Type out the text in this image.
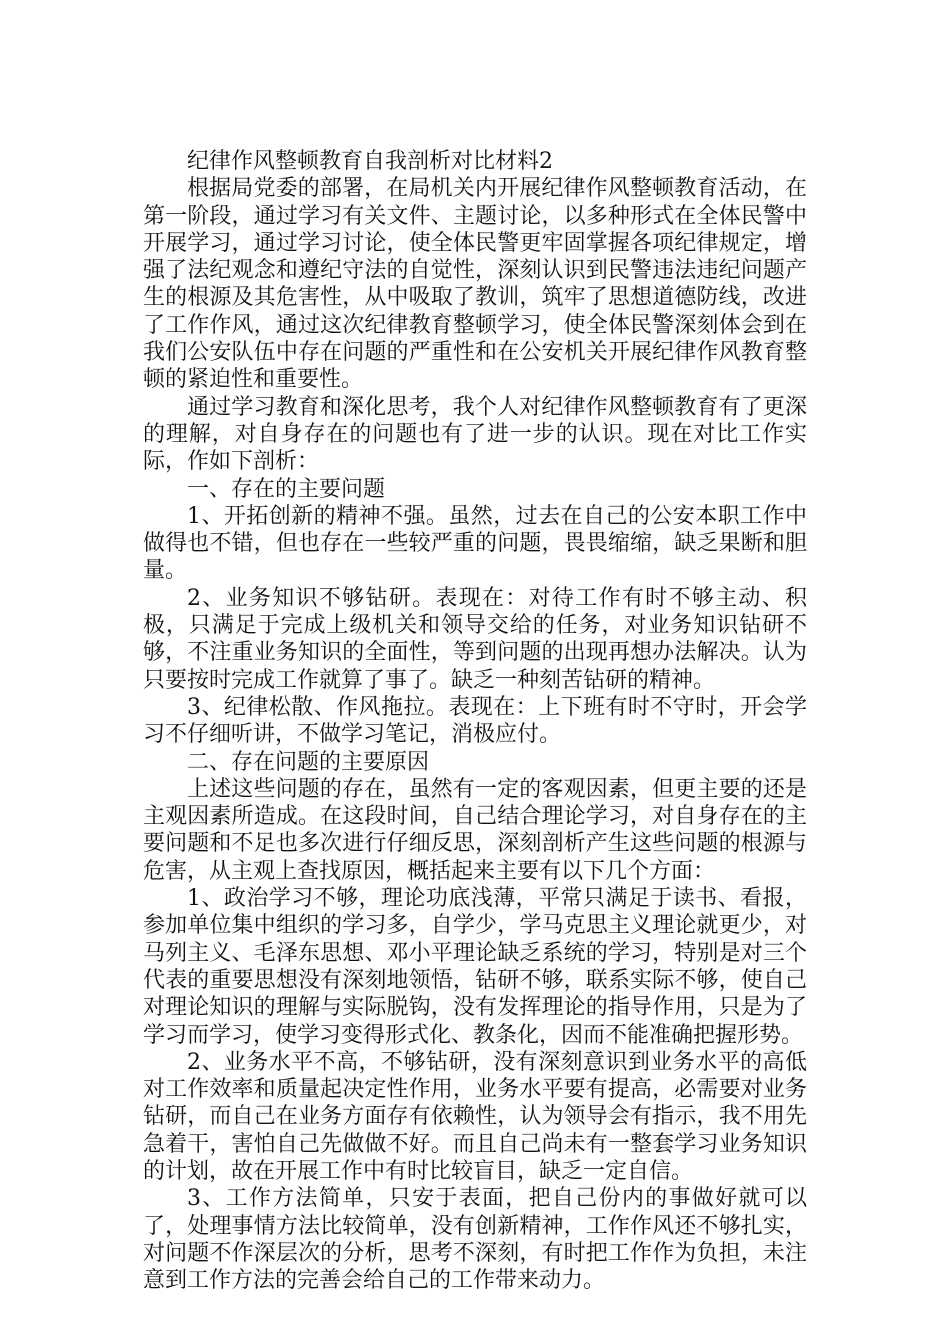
纪律作风整顿教育自我剖析对比材料2

根据局党委的部署，在局机关内开展纪律作风整顿教育活动，在第一阶段，通过学习有关文件、主题讨论，以多种形式在全体民警中开展学习，通过学习讨论，使全体民警更牢固掌握各项纪律规定，增强了法纪观念和遵纪守法的自觉性，深刻认识到民警违法违纪问题产生的根源及其危害性，从中吸取了教训，筑牢了思想道德防线，改进了工作作风，通过这次纪律教育整顿学习，使全体民警深刻体会到在我们公安队伍中存在问题的严重性和在公安机关开展纪律作风教育整顿的紧迫性和重要性。

通过学习教育和深化思考，我个人对纪律作风整顿教育有了更深的理解，对自身存在的问题也有了进一步的认识。现在对比工作实际，作如下剖析：

一、存在的主要问题

1、开拓创新的精神不强。虽然，过去在自己的公安本职工作中做得也不错，但也存在一些较严重的问题，畏畏缩缩，缺乏果断和胆量。

2、业务知识不够钻研。表现在：对待工作有时不够主动、积极，只满足于完成上级机关和领导交给的任务，对业务知识钻研不够，不注重业务知识的全面性，等到问题的出现再想办法解决。认为只要按时完成工作就算了事了。缺乏一种刻苦钻研的精神。

3、纪律松散、作风拖拉。表现在：上下班有时不守时，开会学习不仔细听讲，不做学习笔记，消极应付。

二、存在问题的主要原因

上述这些问题的存在，虽然有一定的客观因素，但更主要的还是主观因素所造成。在这段时间，自己结合理论学习，对自身存在的主要问题和不足也多次进行仔细反思，深刻剖析产生这些问题的根源与危害，从主观上查找原因，概括起来主要有以下几个方面：

1、政治学习不够，理论功底浅薄，平常只满足于读书、看报，参加单位集中组织的学习多，自学少，学马克思主义理论就更少，对马列主义、毛泽东思想、邓小平理论缺乏系统的学习，特别是对三个代表的重要思想没有深刻地领悟，钻研不够，联系实际不够，使自己对理论知识的理解与实际脱钩，没有发挥理论的指导作用，只是为了学习而学习，使学习变得形式化、教条化，因而不能准确把握形势。

2、业务水平不高，不够钻研，没有深刻意识到业务水平的高低对工作效率和质量起决定性作用，业务水平要有提高，必需要对业务钻研，而自己在业务方面存有依赖性，认为领导会有指示，我不用先急着干，害怕自己先做做不好。而且自己尚未有一整套学习业务知识的计划，故在开展工作中有时比较盲目，缺乏一定自信。

3、工作方法简单，只安于表面，把自己份内的事做好就可以了，处理事情方法比较简单，没有创新精神，工作作风还不够扎实，对问题不作深层次的分析，思考不深刻，有时把工作作为负担，未注意到工作方法的完善会给自己的工作带来动力。
